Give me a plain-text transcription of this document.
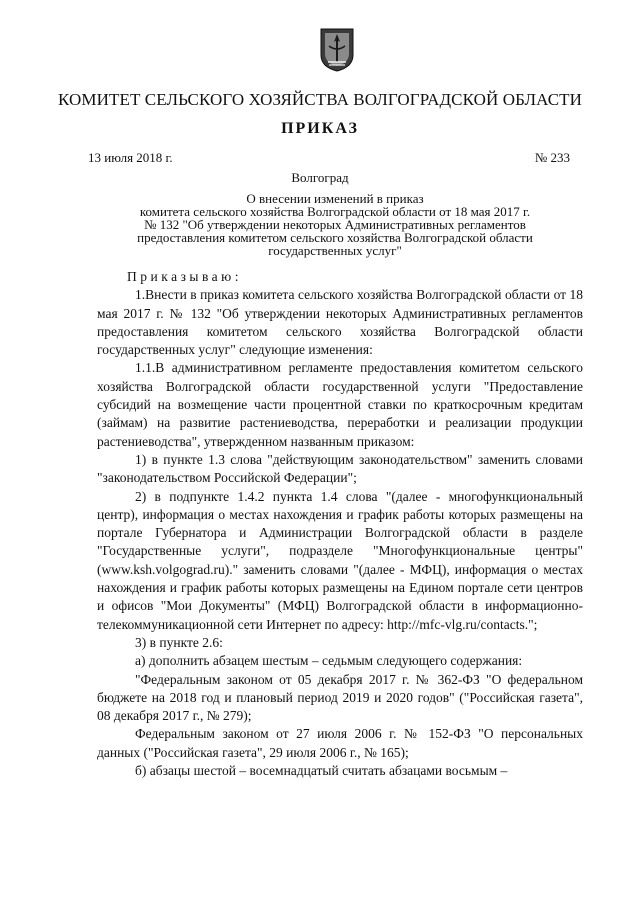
КОМИТЕТ СЕЛЬСКОГО ХОЗЯЙСТВА ВОЛГОГРАДСКОЙ ОБЛАСТИ
ПРИКАЗ
13 июля 2018 г.	№ 233
Волгоград
О внесении изменений в приказ
комитета сельского хозяйства Волгоградской области от 18 мая 2017 г.
№ 132 "Об утверждении некоторых Административных регламентов
предоставления комитетом сельского хозяйства Волгоградской области
государственных услуг"

Приказываю:

1.Внести в приказ комитета сельского хозяйства Волгоградской области от 18 мая 2017 г. № 132 "Об утверждении некоторых Административных регламентов предоставления комитетом сельского хозяйства Волгоградской области государственных услуг" следующие изменения:

1.1.В административном регламенте предоставления комитетом сельского хозяйства Волгоградской области государственной услуги "Предоставление субсидий на возмещение части процентной ставки по краткосрочным кредитам (займам) на развитие растениеводства, переработки и реализации продукции растениеводства", утвержденном названным приказом:

1) в пункте 1.3 слова "действующим законодательством" заменить словами "законодательством Российской Федерации";

2) в подпункте 1.4.2 пункта 1.4 слова "(далее - многофункциональный центр), информация о местах нахождения и график работы которых размещены на портале Губернатора и Администрации Волгоградской области в разделе "Государственные услуги", подразделе "Многофункциональные центры" (www.ksh.volgograd.ru)." заменить словами "(далее - МФЦ), информация о местах нахождения и график работы которых размещены на Едином портале сети центров и офисов "Мои Документы" (МФЦ) Волгоградской области в информационно-телекоммуникационной сети Интернет по адресу: http://mfc-vlg.ru/contacts.";

3) в пункте 2.6:

а) дополнить абзацем шестым – седьмым следующего содержания:

"Федеральным законом от 05 декабря 2017 г. № 362-ФЗ "О федеральном бюджете на 2018 год и плановый период 2019 и 2020 годов" ("Российская газета", 08 декабря 2017 г., № 279);

Федеральным законом от 27 июля 2006 г. № 152-ФЗ "О персональных данных ("Российская газета", 29 июля 2006 г., № 165);

б) абзацы шестой – восемнадцатый считать абзацами восьмым –
